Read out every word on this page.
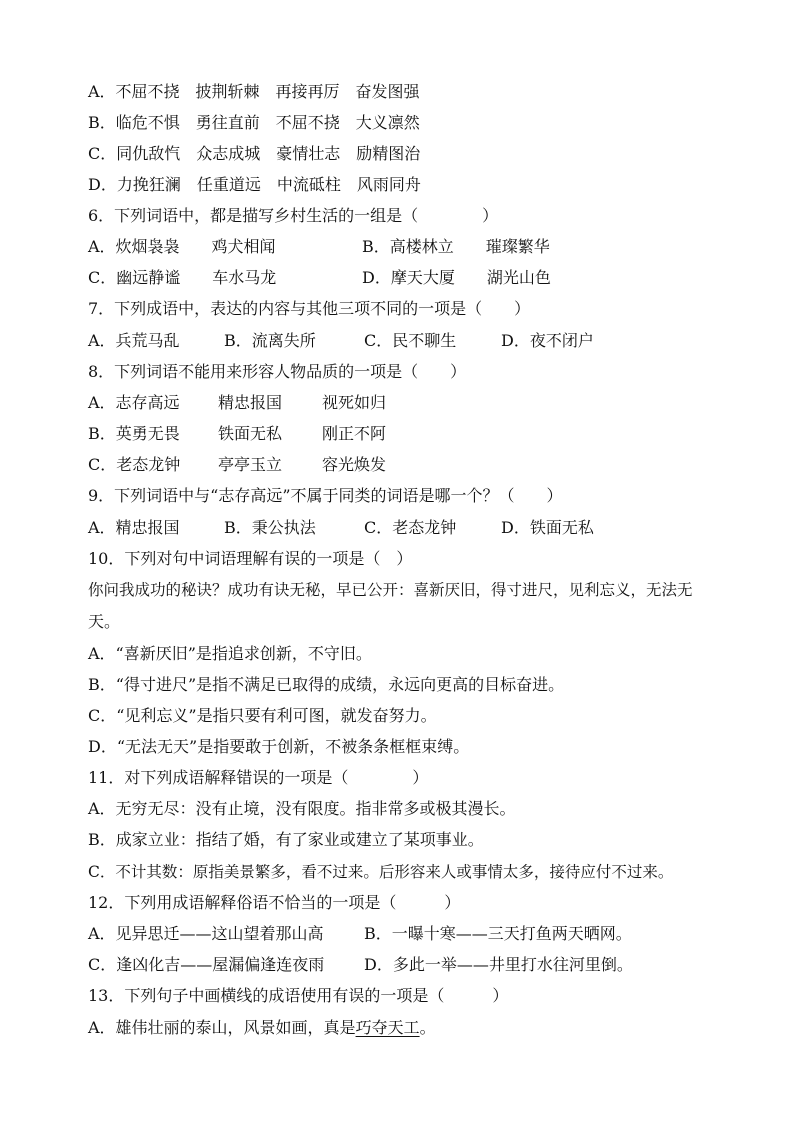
A．不屈不挠　披荆斩棘　再接再厉　奋发图强
B．临危不惧　勇往直前　不屈不挠　大义凛然
C．同仇敌忾　众志成城　豪情壮志　励精图治
D．力挽狂澜　任重道远　中流砥柱　风雨同舟
6．下列词语中，都是描写乡村生活的一组是（　　　　）
A．炊烟袅袅　　鸡犬相闻	B．高楼林立　　璀璨繁华
C．幽远静谧　　车水马龙	D．摩天大厦　　湖光山色
7．下列成语中，表达的内容与其他三项不同的一项是（　　）
A．兵荒马乱	B．流离失所	C．民不聊生	D．夜不闭户
8．下列词语不能用来形容人物品质的一项是（　　）
A．志存高远 精忠报国 视死如归
B．英勇无畏 铁面无私 刚正不阿
C．老态龙钟 亭亭玉立 容光焕发
9．下列词语中与“志存高远”不属于同类的词语是哪一个？（　　）
A．精忠报国	B．秉公执法	C．老态龙钟	D．铁面无私
10．下列对句中词语理解有误的一项是（　）
你问我成功的秘诀？成功有诀无秘，早已公开：喜新厌旧，得寸进尺，见利忘义，无法无
天。
A．“喜新厌旧”是指追求创新，不守旧。
B．“得寸进尺”是指不满足已取得的成绩，永远向更高的目标奋进。
C．“见利忘义”是指只要有利可图，就发奋努力。
D．“无法无天”是指要敢于创新，不被条条框框束缚。
11．对下列成语解释错误的一项是（　　　　）
A．无穷无尽：没有止境，没有限度。指非常多或极其漫长。
B．成家立业：指结了婚，有了家业或建立了某项事业。
C．不计其数：原指美景繁多，看不过来。后形容来人或事情太多，接待应付不过来。
12．下列用成语解释俗语不恰当的一项是（　　　）
A．见异思迁——这山望着那山高	B．一曝十寒——三天打鱼两天晒网。
C．逢凶化吉——屋漏偏逢连夜雨 D．多此一举——井里打水往河里倒。
13．下列句子中画横线的成语使用有误的一项是（　　　）
A．雄伟壮丽的泰山，风景如画，真是巧夺天工。
